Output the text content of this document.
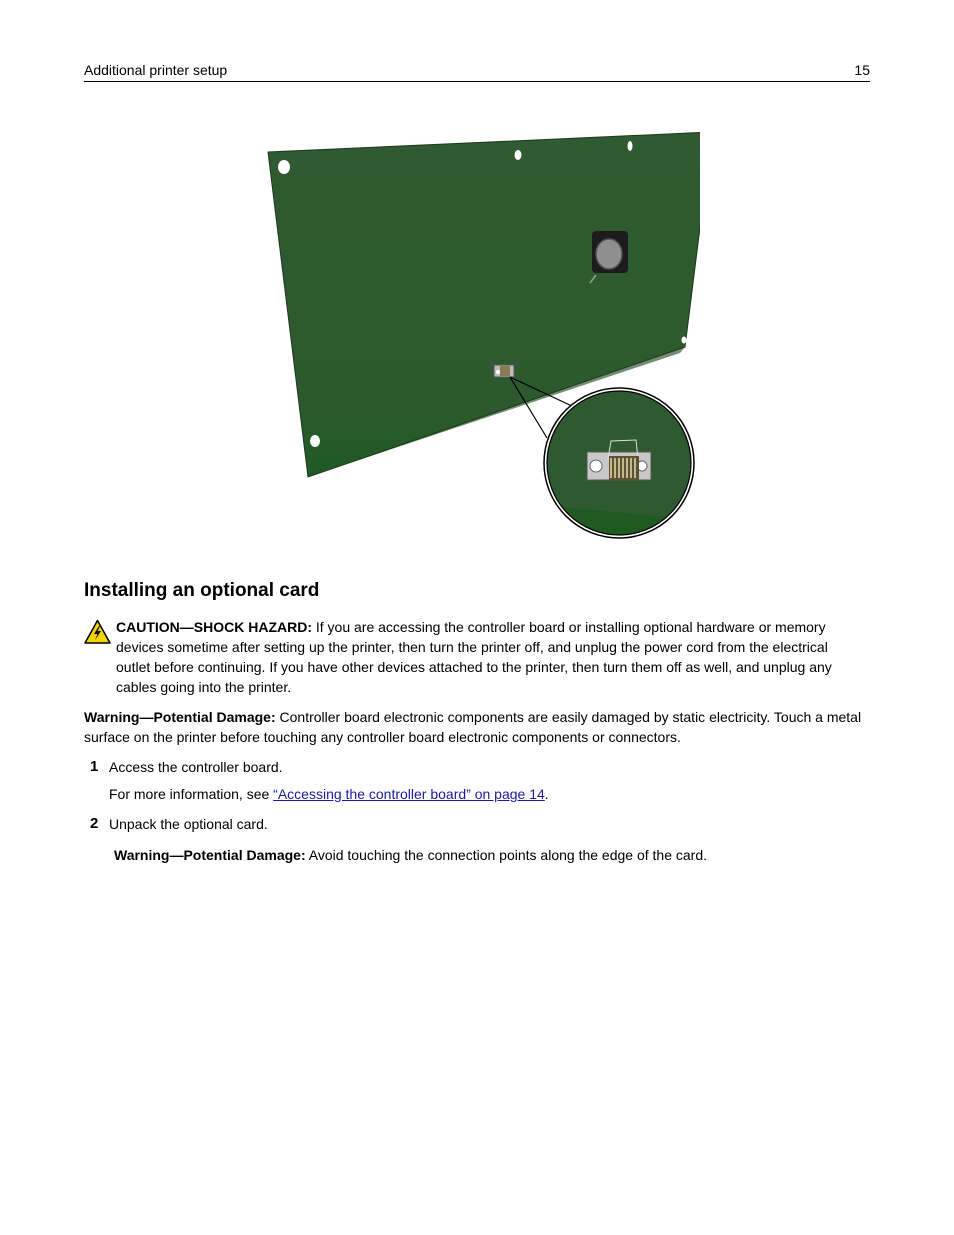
Additional printer setup	15
Installing an optional card
CAUTION—SHOCK HAZARD: If you are accessing the controller board or installing optional hardware or memory devices sometime after setting up the printer, then turn the printer off, and unplug the power cord from the electrical outlet before continuing. If you have other devices attached to the printer, then turn them off as well, and unplug any cables going into the printer.
Warning—Potential Damage: Controller board electronic components are easily damaged by static electricity. Touch a metal surface on the printer before touching any controller board electronic components or connectors.
1 Access the controller board.
For more information, see “Accessing the controller board” on page 14.
2 Unpack the optional card.
Warning—Potential Damage: Avoid touching the connection points along the edge of the card.
